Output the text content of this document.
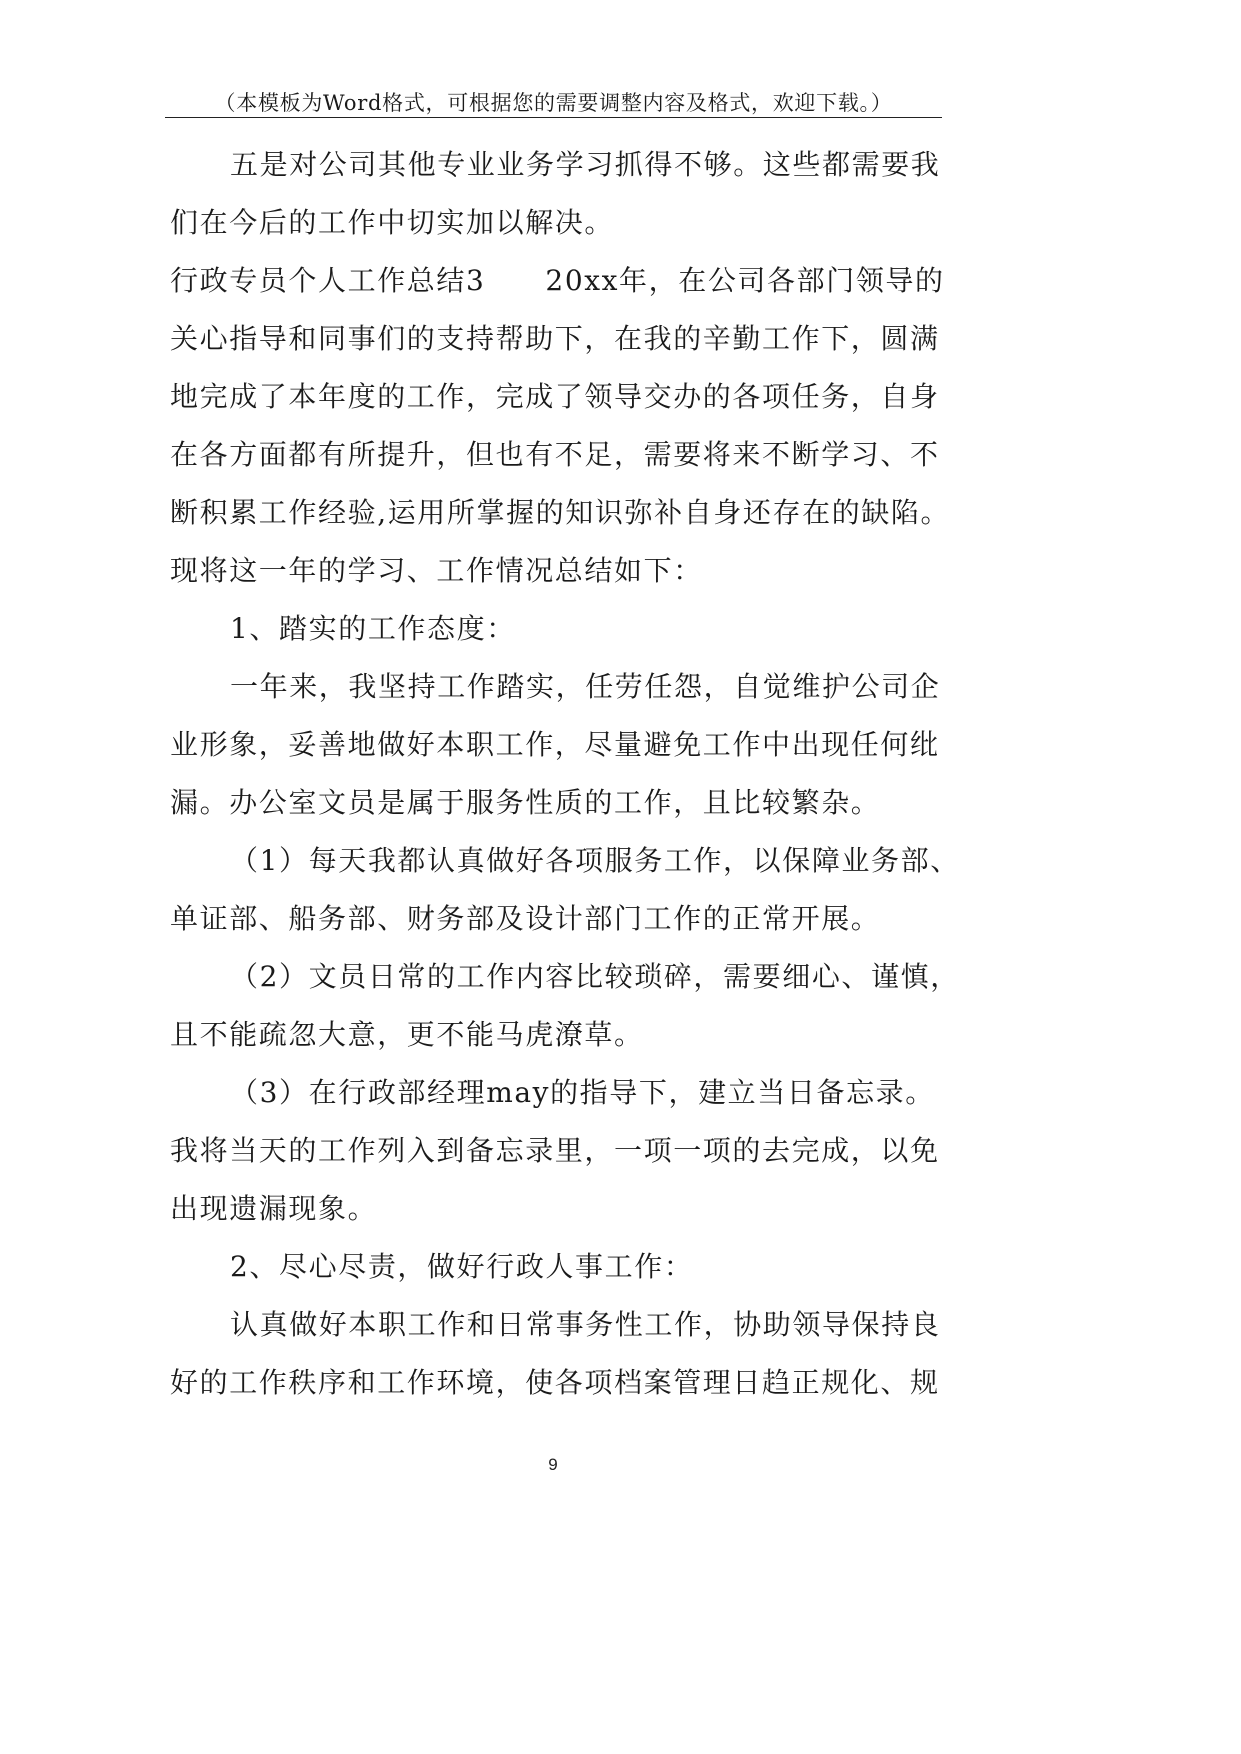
（本模板为Word格式，可根据您的需要调整内容及格式，欢迎下载。）
五是对公司其他专业业务学习抓得不够。这些都需要我
们在今后的工作中切实加以解决。
行政专员个人工作总结3 20xx年，在公司各部门领导的
关心指导和同事们的支持帮助下，在我的辛勤工作下，圆满
地完成了本年度的工作，完成了领导交办的各项任务，自身
在各方面都有所提升，但也有不足，需要将来不断学习、不
断积累工作经验,运用所掌握的知识弥补自身还存在的缺陷。
现将这一年的学习、工作情况总结如下：
1、踏实的工作态度：
一年来，我坚持工作踏实，任劳任怨，自觉维护公司企
业形象，妥善地做好本职工作，尽量避免工作中出现任何纰
漏。办公室文员是属于服务性质的工作，且比较繁杂。
（1）每天我都认真做好各项服务工作，以保障业务部、
单证部、船务部、财务部及设计部门工作的正常开展。
（2）文员日常的工作内容比较琐碎，需要细心、谨慎，
且不能疏忽大意，更不能马虎潦草。
（3）在行政部经理may的指导下，建立当日备忘录。
我将当天的工作列入到备忘录里，一项一项的去完成，以免
出现遗漏现象。
2、尽心尽责，做好行政人事工作：
认真做好本职工作和日常事务性工作，协助领导保持良
好的工作秩序和工作环境，使各项档案管理日趋正规化、规
9
